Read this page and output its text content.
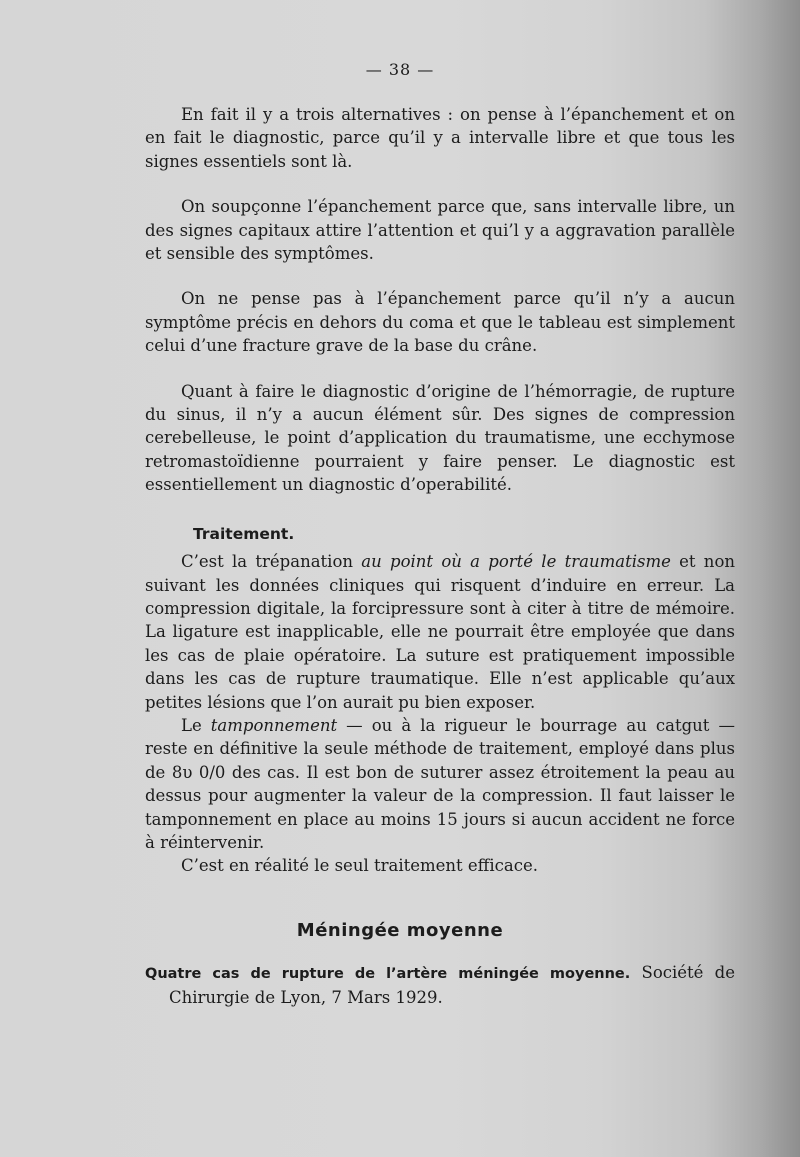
— 38 —

En fait il y a trois alternatives : on pense à l’épanchement et on en fait le diagnostic, parce qu’il y a intervalle libre et que tous les signes essentiels sont là.

On soupçonne l’épanchement parce que, sans intervalle libre, un des signes capitaux attire l’attention et qui’l y a aggravation parallèle et sensible des symptômes.

On ne pense pas à l’épanchement parce qu’il n’y a aucun symptôme précis en dehors du coma et que le tableau est simplement celui d’une fracture grave de la base du crâne.

Quant à faire le diagnostic d’origine de l’hémorragie, de rupture du sinus, il n’y a aucun élément sûr. Des signes de compression cerebelleuse, le point d’application du traumatisme, une ecchymose retromastoïdienne pourraient y faire penser. Le diagnostic est essentiellement un diagnostic d’operabilité.

Traitement.

C’est la trépanation au point où a porté le traumatisme et non suivant les données cliniques qui risquent d’induire en erreur. La compression digitale, la forcipressure sont à citer à titre de mémoire. La ligature est inapplicable, elle ne pourrait être employée que dans les cas de plaie opératoire. La suture est pratiquement impossible dans les cas de rupture traumatique. Elle n’est applicable qu’aux petites lésions que l’on aurait pu bien exposer.

Le tamponnement — ou à la rigueur le bourrage au catgut — reste en définitive la seule méthode de traitement, employé dans plus de 8υ 0/0 des cas. Il est bon de suturer assez étroitement la peau au dessus pour augmenter la valeur de la compression. Il faut laisser le tamponnement en place au moins 15 jours si aucun accident ne force à réintervenir.

C’est en réalité le seul traitement efficace.

Méningée moyenne
Quatre cas de rupture de l’artère méningée moyenne. Société de Chirurgie de Lyon, 7 Mars 1929.
